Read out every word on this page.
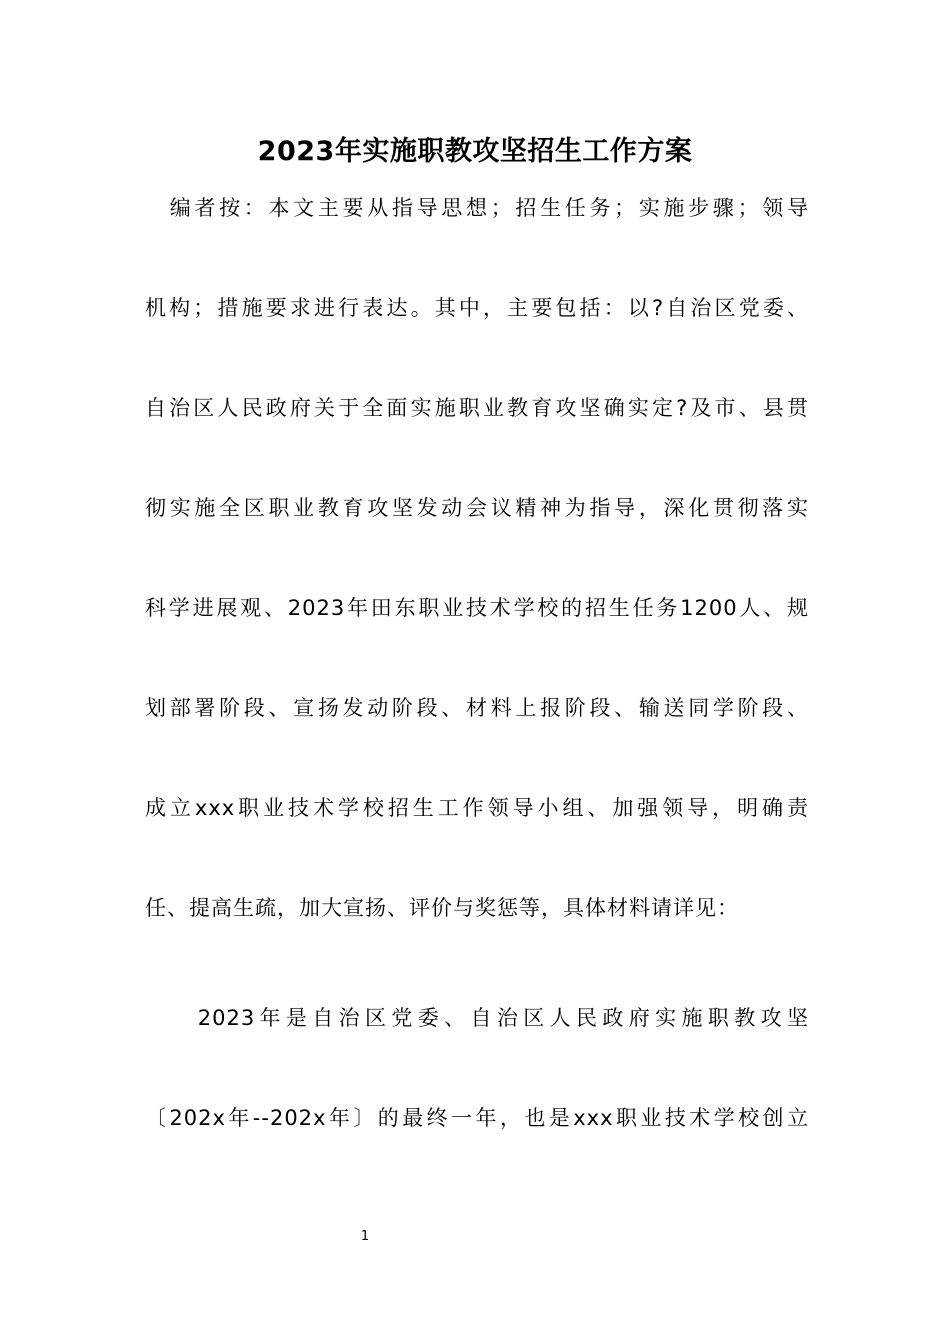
2023年实施职教攻坚招生工作方案
　编者按：本文主要从指导思想；招生任务；实施步骤；领导
机构；措施要求进行表达。其中，主要包括：以?自治区党委、
自治区人民政府关于全面实施职业教育攻坚确实定?及市、县贯
彻实施全区职业教育攻坚发动会议精神为指导，深化贯彻落实
科学进展观、2023年田东职业技术学校的招生任务1200人、规
划部署阶段、宣扬发动阶段、材料上报阶段、输送同学阶段、
成立xxx职业技术学校招生工作领导小组、加强领导，明确责
任、提高生疏，加大宣扬、评价与奖惩等，具体材料请详见：
　　2023年是自治区党委、自治区人民政府实施职教攻坚
〔202x年--202x年〕的最终一年，也是xxx职业技术学校创立
1
